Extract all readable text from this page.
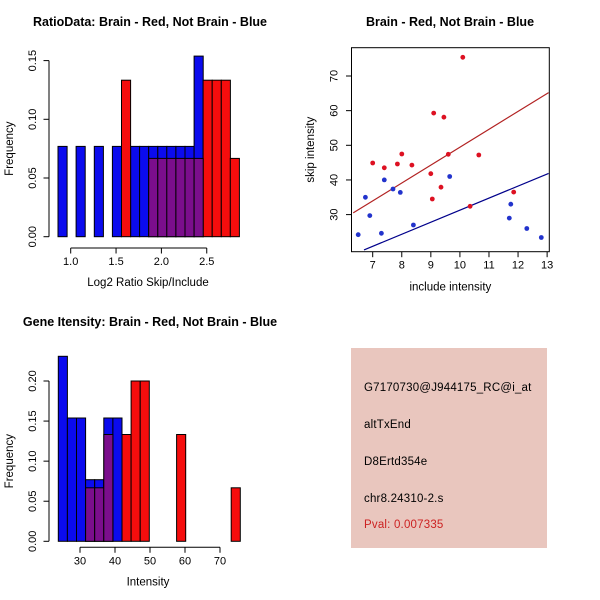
0.00
0.05
0.10
0.15
1.0	1.5	2.0	2.5
Frequency
Log2 Ratio Skip/Include
RatioData: Brain - Red, Not Brain - Blue
7 8 9 10 11 12 13
30
40
50
60
70
skip intensity
include intensity
Brain - Red, Not Brain - Blue
0.00
0.05
0.10
0.15
0.20
30 40 50 60 70
Frequency
Intensity
Gene Itensity: Brain - Red, Not Brain - Blue
G7170730@J944175_RC@i_at
altTxEnd
D8Ertd354e
chr8.24310-2.s
Pval: 0.007335
